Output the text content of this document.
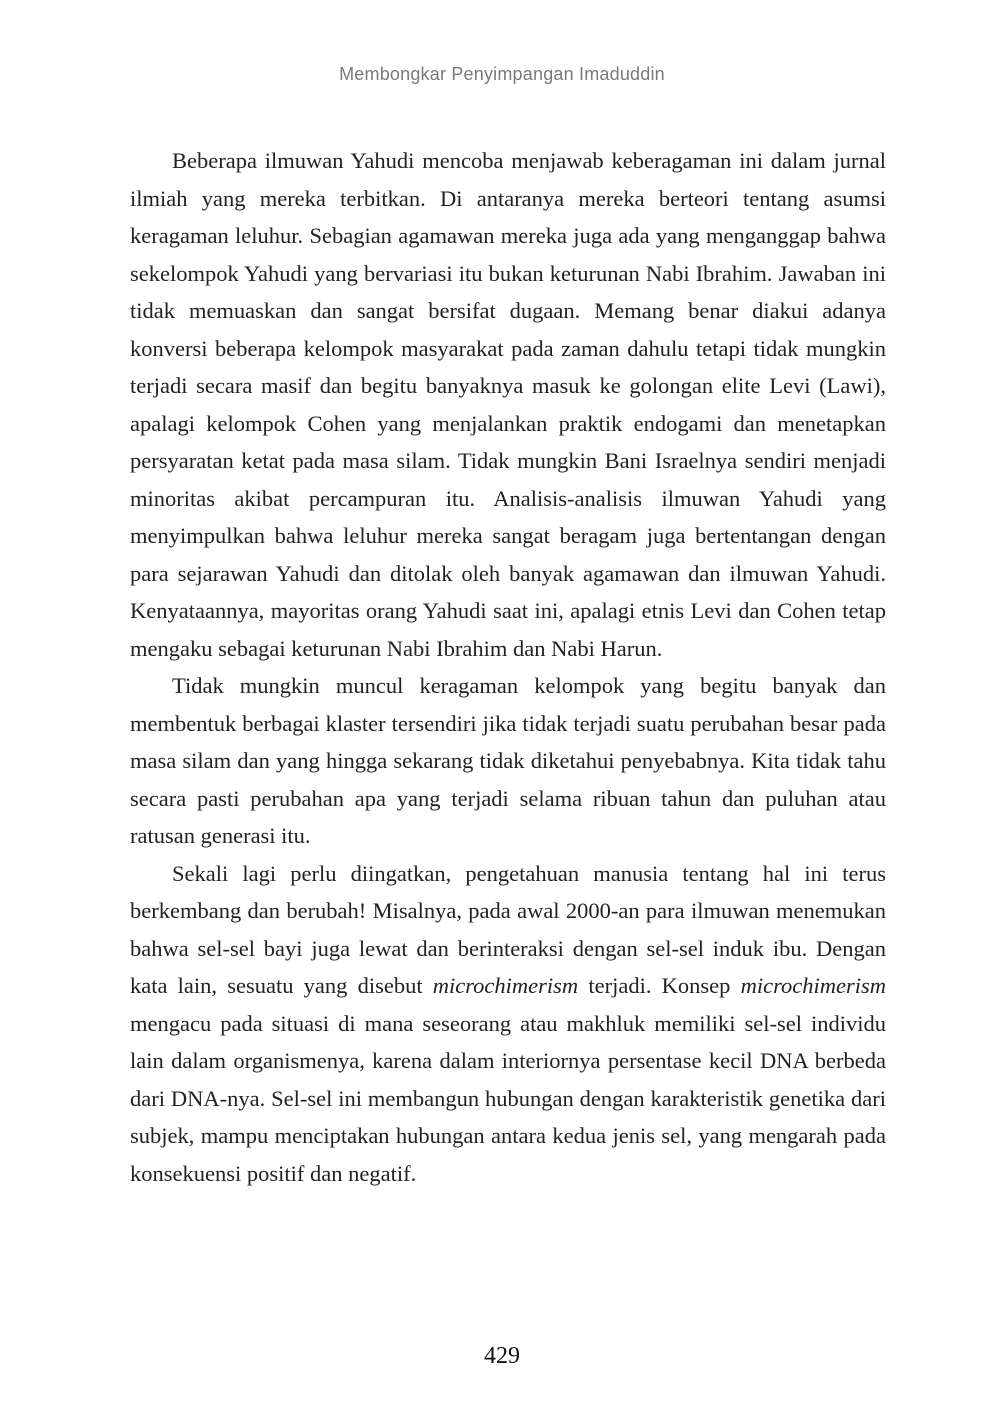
Membongkar Penyimpangan Imaduddin

Beberapa ilmuwan Yahudi mencoba menjawab keberagaman ini dalam jurnal ilmiah yang mereka terbitkan. Di antaranya mereka berteori tentang asumsi keragaman leluhur. Sebagian agamawan mereka juga ada yang menganggap bahwa sekelompok Yahudi yang bervariasi itu bukan keturunan Nabi Ibrahim. Jawaban ini tidak memuaskan dan sangat bersifat dugaan. Memang benar diakui adanya konversi beberapa kelompok masyarakat pada zaman dahulu tetapi tidak mungkin terjadi secara masif dan begitu banyaknya masuk ke golongan elite Levi (Lawi), apalagi kelompok Cohen yang menjalankan praktik endogami dan menetapkan persyaratan ketat pada masa silam. Tidak mungkin Bani Israelnya sendiri menjadi minoritas akibat percampuran itu. Analisis-analisis ilmuwan Yahudi yang menyimpulkan bahwa leluhur mereka sangat beragam juga bertentangan dengan para sejarawan Yahudi dan ditolak oleh banyak agamawan dan ilmuwan Yahudi. Kenyataannya, mayoritas orang Yahudi saat ini, apalagi etnis Levi dan Cohen tetap mengaku sebagai keturunan Nabi Ibrahim dan Nabi Harun.

Tidak mungkin muncul keragaman kelompok yang begitu banyak dan membentuk berbagai klaster tersendiri jika tidak terjadi suatu perubahan besar pada masa silam dan yang hingga sekarang tidak diketahui penyebabnya. Kita tidak tahu secara pasti perubahan apa yang terjadi selama ribuan tahun dan puluhan atau ratusan generasi itu.

Sekali lagi perlu diingatkan, pengetahuan manusia tentang hal ini terus berkembang dan berubah! Misalnya, pada awal 2000-an para ilmuwan menemukan bahwa sel-sel bayi juga lewat dan berinteraksi dengan sel-sel induk ibu. Dengan kata lain, sesuatu yang disebut microchimerism terjadi. Konsep microchimerism mengacu pada situasi di mana seseorang atau makhluk memiliki sel-sel individu lain dalam organismenya, karena dalam interiornya persentase kecil DNA berbeda dari DNA-nya. Sel-sel ini membangun hubungan dengan karakteristik genetika dari subjek, mampu menciptakan hubungan antara kedua jenis sel, yang mengarah pada konsekuensi positif dan negatif.

429
